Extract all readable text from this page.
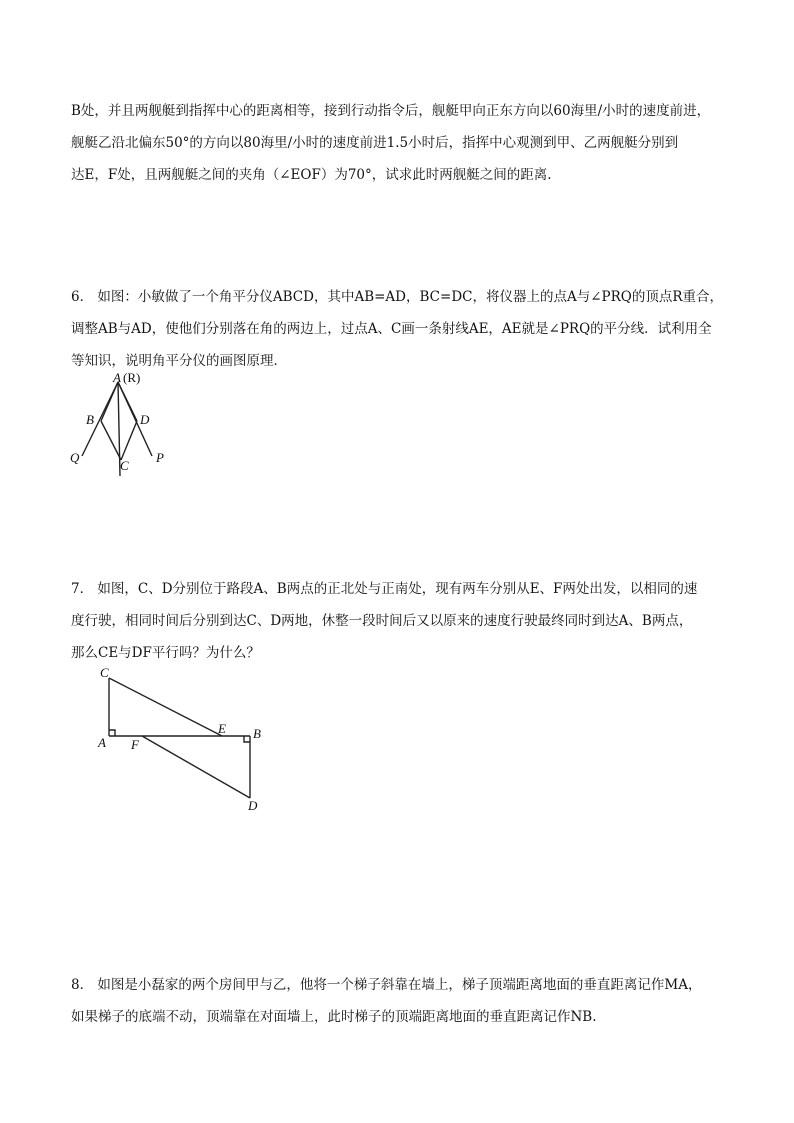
B处，并且两舰艇到指挥中心的距离相等，接到行动指令后，舰艇甲向正东方向以60海里/小时的速度前进，

舰艇乙沿北偏东50°的方向以80海里/小时的速度前进1.5小时后，指挥中心观测到甲、乙两舰艇分别到

达E，F处，且两舰艇之间的夹角（∠EOF）为70°，试求此时两舰艇之间的距离.

6． 如图：小敏做了一个角平分仪ABCD，其中AB=AD，BC=DC，将仪器上的点A与∠PRQ的顶点R重合，

调整AB与AD，使他们分别落在角的两边上，过点A、C画一条射线AE，AE就是∠PRQ的平分线．试利用全

等知识，说明角平分仪的画图原理．

A (R)
B	D
Q
C
P

7． 如图，C、D分别位于路段A、B两点的正北处与正南处，现有两车分别从E、F两处出发，以相同的速

度行驶，相同时间后分别到达C、D两地，休整一段时间后又以原来的速度行驶最终同时到达A、B两点，

那么CE与DF平行吗？为什么？

C
A F
E B
D

8． 如图是小磊家的两个房间甲与乙，他将一个梯子斜靠在墙上，梯子顶端距离地面的垂直距离记作MA，

如果梯子的底端不动，顶端靠在对面墙上，此时梯子的顶端距离地面的垂直距离记作NB.
